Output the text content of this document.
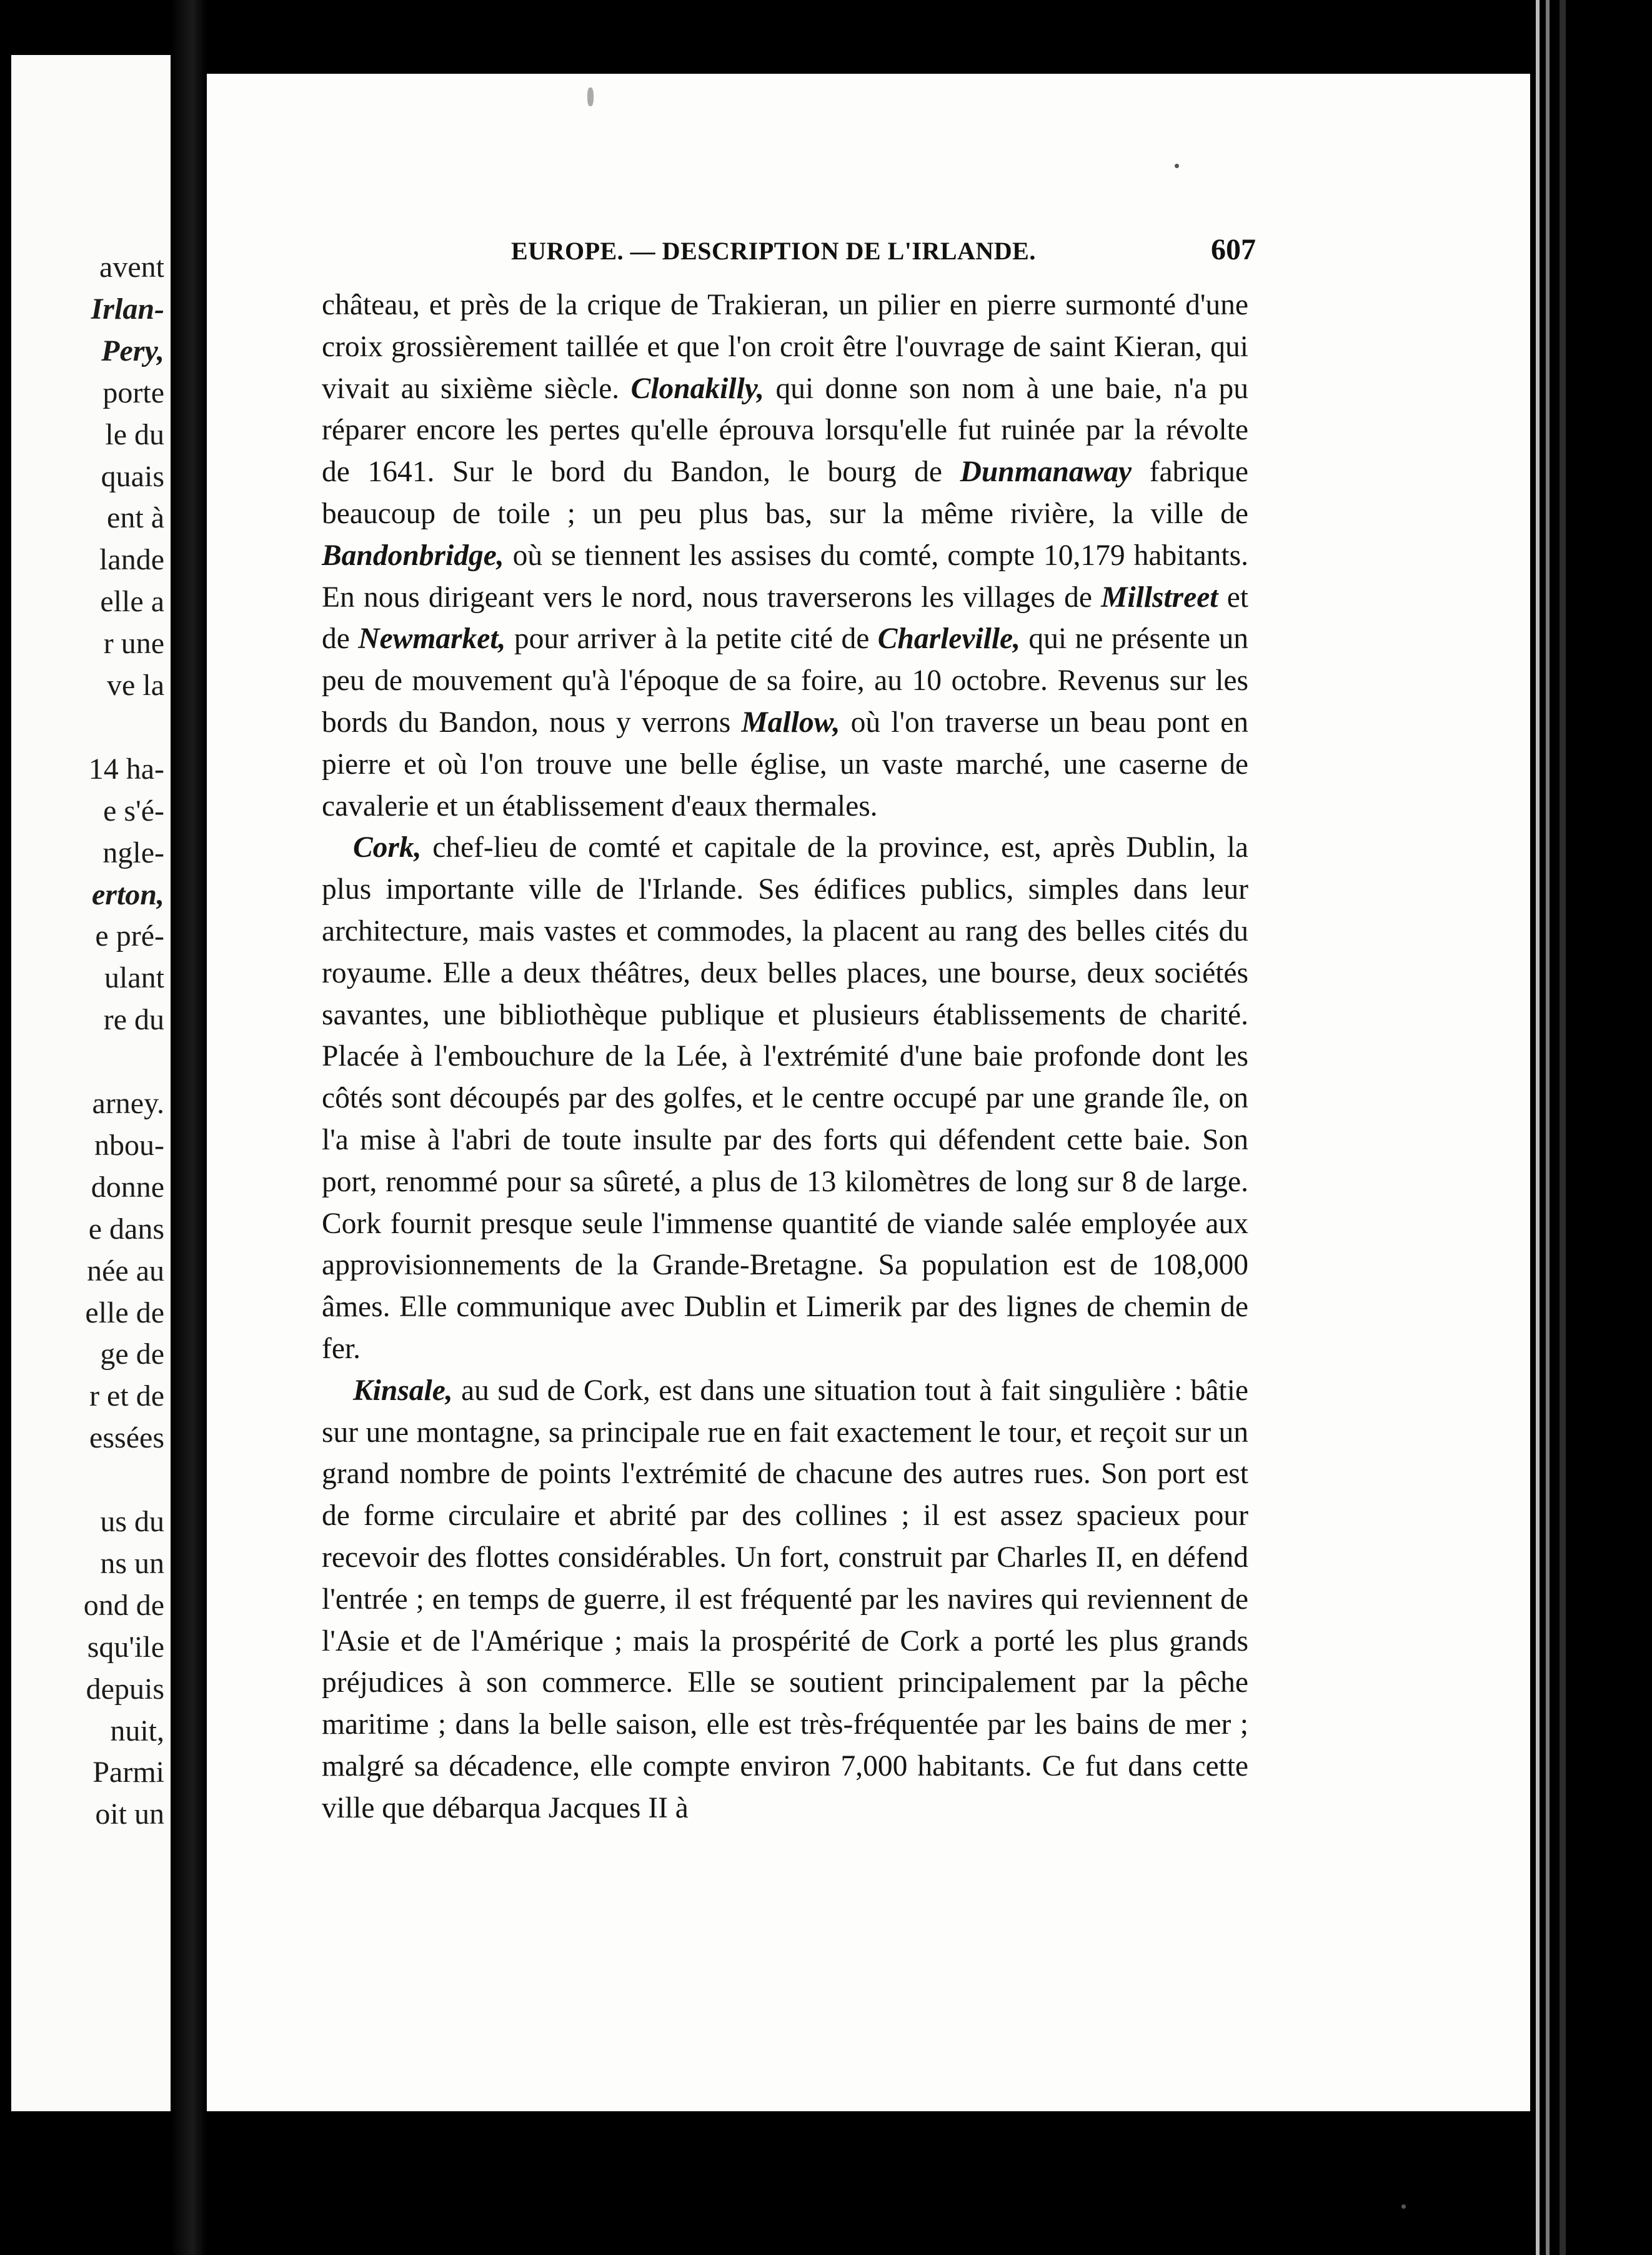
avent
Irlan-
Pery,
porte
le du
quais
ent à
lande
elle a
r une
ve la
14 ha-
e s'é-
ngle-
erton,
e pré-
ulant
re du
arney.
nbou-
donne
e dans
née au
elle de
ge de
r et de
essées
us du
ns un
ond de
squ'ile
depuis
nuit,
Parmi
oit un
EUROPE. — DESCRIPTION DE L'IRLANDE.	607

château, et près de la crique de Trakieran, un pilier en pierre surmonté d'une croix grossièrement taillée et que l'on croit être l'ouvrage de saint Kieran, qui vivait au sixième siècle. Clonakilly, qui donne son nom à une baie, n'a pu réparer encore les pertes qu'elle éprouva lorsqu'elle fut ruinée par la révolte de 1641. Sur le bord du Bandon, le bourg de Dunmanaway fabrique beaucoup de toile ; un peu plus bas, sur la même rivière, la ville de Bandonbridge, où se tiennent les assises du comté, compte 10,179 habitants. En nous dirigeant vers le nord, nous traverserons les villages de Millstreet et de Newmarket, pour arriver à la petite cité de Charleville, qui ne présente un peu de mouvement qu'à l'époque de sa foire, au 10 octobre. Revenus sur les bords du Bandon, nous y verrons Mallow, où l'on traverse un beau pont en pierre et où l'on trouve une belle église, un vaste marché, une caserne de cavalerie et un établissement d'eaux thermales.

Cork, chef-lieu de comté et capitale de la province, est, après Dublin, la plus importante ville de l'Irlande. Ses édifices publics, simples dans leur architecture, mais vastes et commodes, la placent au rang des belles cités du royaume. Elle a deux théâtres, deux belles places, une bourse, deux sociétés savantes, une bibliothèque publique et plusieurs établissements de charité. Placée à l'embouchure de la Lée, à l'extrémité d'une baie profonde dont les côtés sont découpés par des golfes, et le centre occupé par une grande île, on l'a mise à l'abri de toute insulte par des forts qui défendent cette baie. Son port, renommé pour sa sûreté, a plus de 13 kilomètres de long sur 8 de large. Cork fournit presque seule l'immense quantité de viande salée employée aux approvisionnements de la Grande-Bretagne. Sa population est de 108,000 âmes. Elle communique avec Dublin et Limerik par des lignes de chemin de fer.

Kinsale, au sud de Cork, est dans une situation tout à fait singulière : bâtie sur une montagne, sa principale rue en fait exactement le tour, et reçoit sur un grand nombre de points l'extrémité de chacune des autres rues. Son port est de forme circulaire et abrité par des collines ; il est assez spacieux pour recevoir des flottes considérables. Un fort, construit par Charles II, en défend l'entrée ; en temps de guerre, il est fréquenté par les navires qui reviennent de l'Asie et de l'Amérique ; mais la prospérité de Cork a porté les plus grands préjudices à son commerce. Elle se soutient principalement par la pêche maritime ; dans la belle saison, elle est très-fréquentée par les bains de mer ; malgré sa décadence, elle compte environ 7,000 habitants. Ce fut dans cette ville que débarqua Jacques II à
